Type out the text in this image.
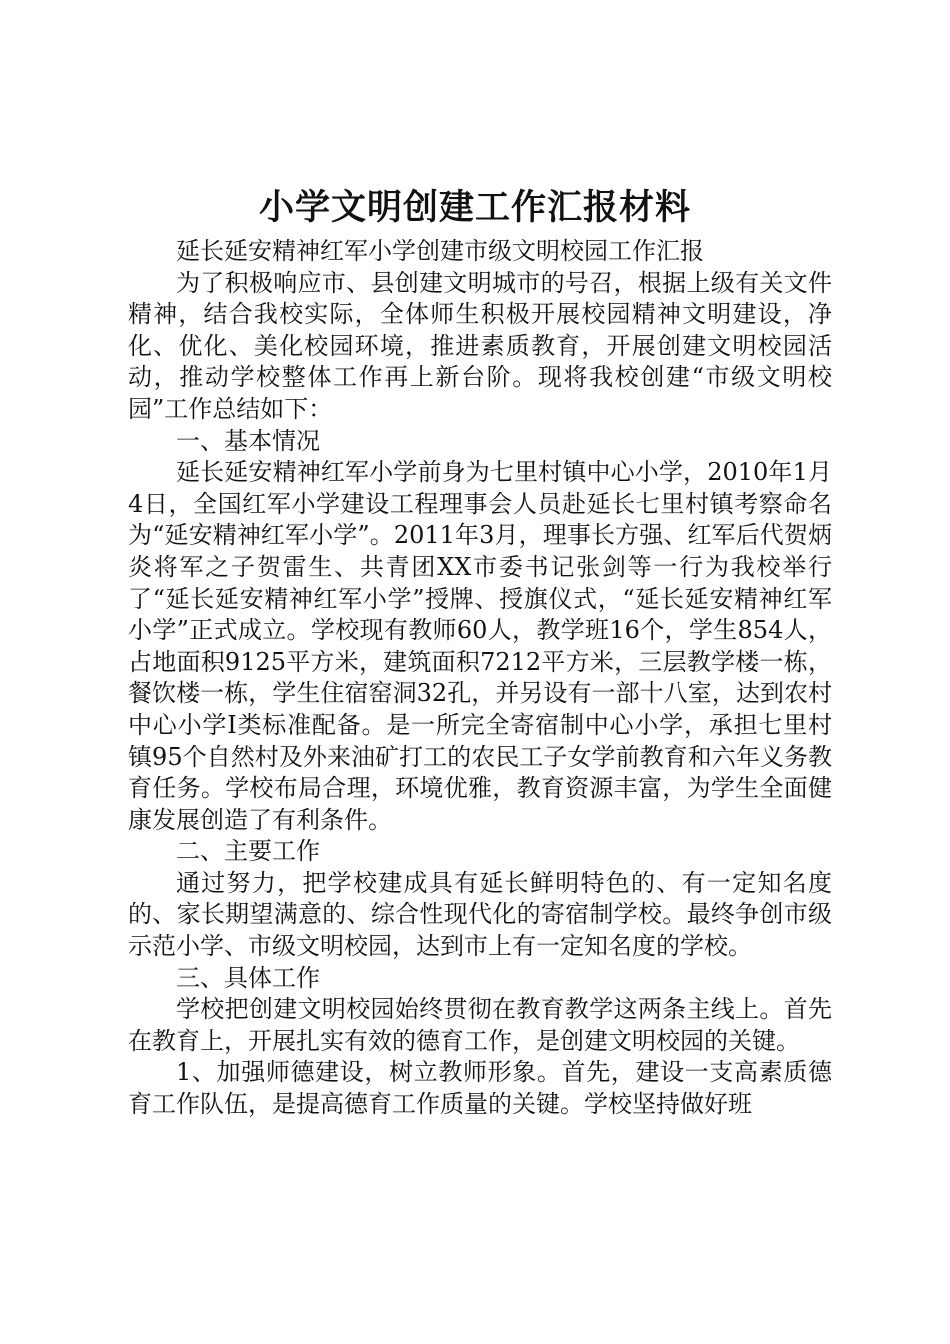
小学文明创建工作汇报材料

延长延安精神红军小学创建市级文明校园工作汇报

为了积极响应市、县创建文明城市的号召，根据上级有关文件精神，结合我校实际，全体师生积极开展校园精神文明建设，净化、优化、美化校园环境，推进素质教育，开展创建文明校园活动，推动学校整体工作再上新台阶。现将我校创建“市级文明校园”工作总结如下：

一、基本情况

延长延安精神红军小学前身为七里村镇中心小学，2010年1月4日，全国红军小学建设工程理事会人员赴延长七里村镇考察命名为“延安精神红军小学”。2011年3月，理事长方强、红军后代贺炳炎将军之子贺雷生、共青团XX市委书记张剑等一行为我校举行了“延长延安精神红军小学”授牌、授旗仪式，“延长延安精神红军小学”正式成立。学校现有教师60人，教学班16个，学生854人，占地面积9125平方米，建筑面积7212平方米，三层教学楼一栋，餐饮楼一栋，学生住宿窑洞32孔，并另设有一部十八室，达到农村中心小学Ⅰ类标准配备。是一所完全寄宿制中心小学，承担七里村镇95个自然村及外来油矿打工的农民工子女学前教育和六年义务教育任务。学校布局合理，环境优雅，教育资源丰富，为学生全面健康发展创造了有利条件。

二、主要工作

通过努力，把学校建成具有延长鲜明特色的、有一定知名度的、家长期望满意的、综合性现代化的寄宿制学校。最终争创市级示范小学、市级文明校园，达到市上有一定知名度的学校。

三、具体工作

学校把创建文明校园始终贯彻在教育教学这两条主线上。首先在教育上，开展扎实有效的德育工作，是创建文明校园的关键。

1、加强师德建设，树立教师形象。首先，建设一支高素质德育工作队伍，是提高德育工作质量的关键。学校坚持做好班
